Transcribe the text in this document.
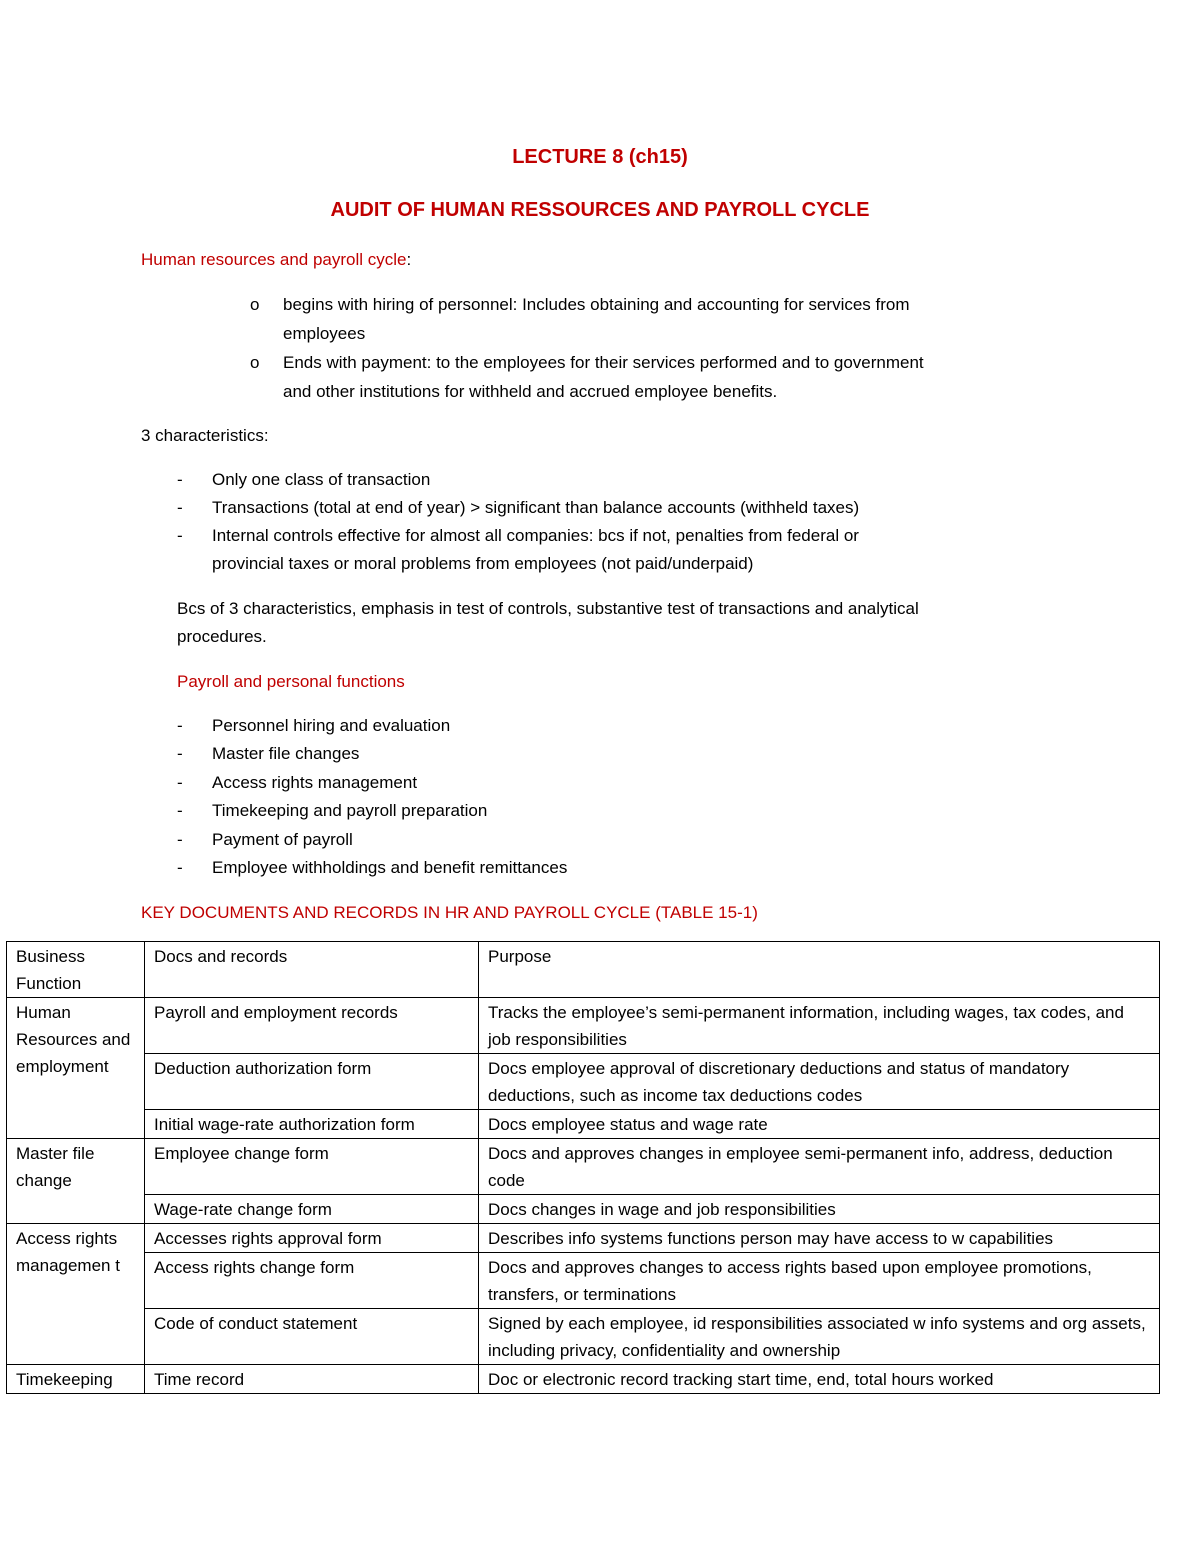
LECTURE 8 (ch15)
AUDIT OF HUMAN RESSOURCES AND PAYROLL CYCLE
Human resources and payroll cycle:
o begins with hiring of personnel: Includes obtaining and accounting for services from
employees
o Ends with payment: to the employees for their services performed and to government
and other institutions for withheld and accrued employee benefits.
3 characteristics:
- Only one class of transaction
- Transactions (total at end of year) > significant than balance accounts (withheld taxes)
- Internal controls effective for almost all companies: bcs if not, penalties from federal or
provincial taxes or moral problems from employees (not paid/underpaid)
Bcs of 3 characteristics, emphasis in test of controls, substantive test of transactions and analytical
procedures.
Payroll and personal functions
- Personnel hiring and evaluation
- Master file changes
- Access rights management
- Timekeeping and payroll preparation
- Payment of payroll
- Employee withholdings and benefit remittances
KEY DOCUMENTS AND RECORDS IN HR AND PAYROLL CYCLE (TABLE 15-1)
Business Function	Docs and records	Purpose
Human Resources and employment	Payroll and employment records	Tracks the employee’s semi-permanent information, including wages, tax codes, and job responsibilities
	Deduction authorization form	Docs employee approval of discretionary deductions and status of mandatory deductions, such as income tax deductions codes
	Initial wage-rate authorization form	Docs employee status and wage rate
Master file change	Employee change form	Docs and approves changes in employee semi-permanent info, address, deduction code
	Wage-rate change form	Docs changes in wage and job responsibilities
Access rights managemen t	Accesses rights approval form	Describes info systems functions person may have access to w capabilities
	Access rights change form	Docs and approves changes to access rights based upon employee promotions, transfers, or terminations
	Code of conduct statement	Signed by each employee, id responsibilities associated w info systems and org assets, including privacy, confidentiality and ownership
Timekeeping	Time record	Doc or electronic record tracking start time, end, total hours worked
